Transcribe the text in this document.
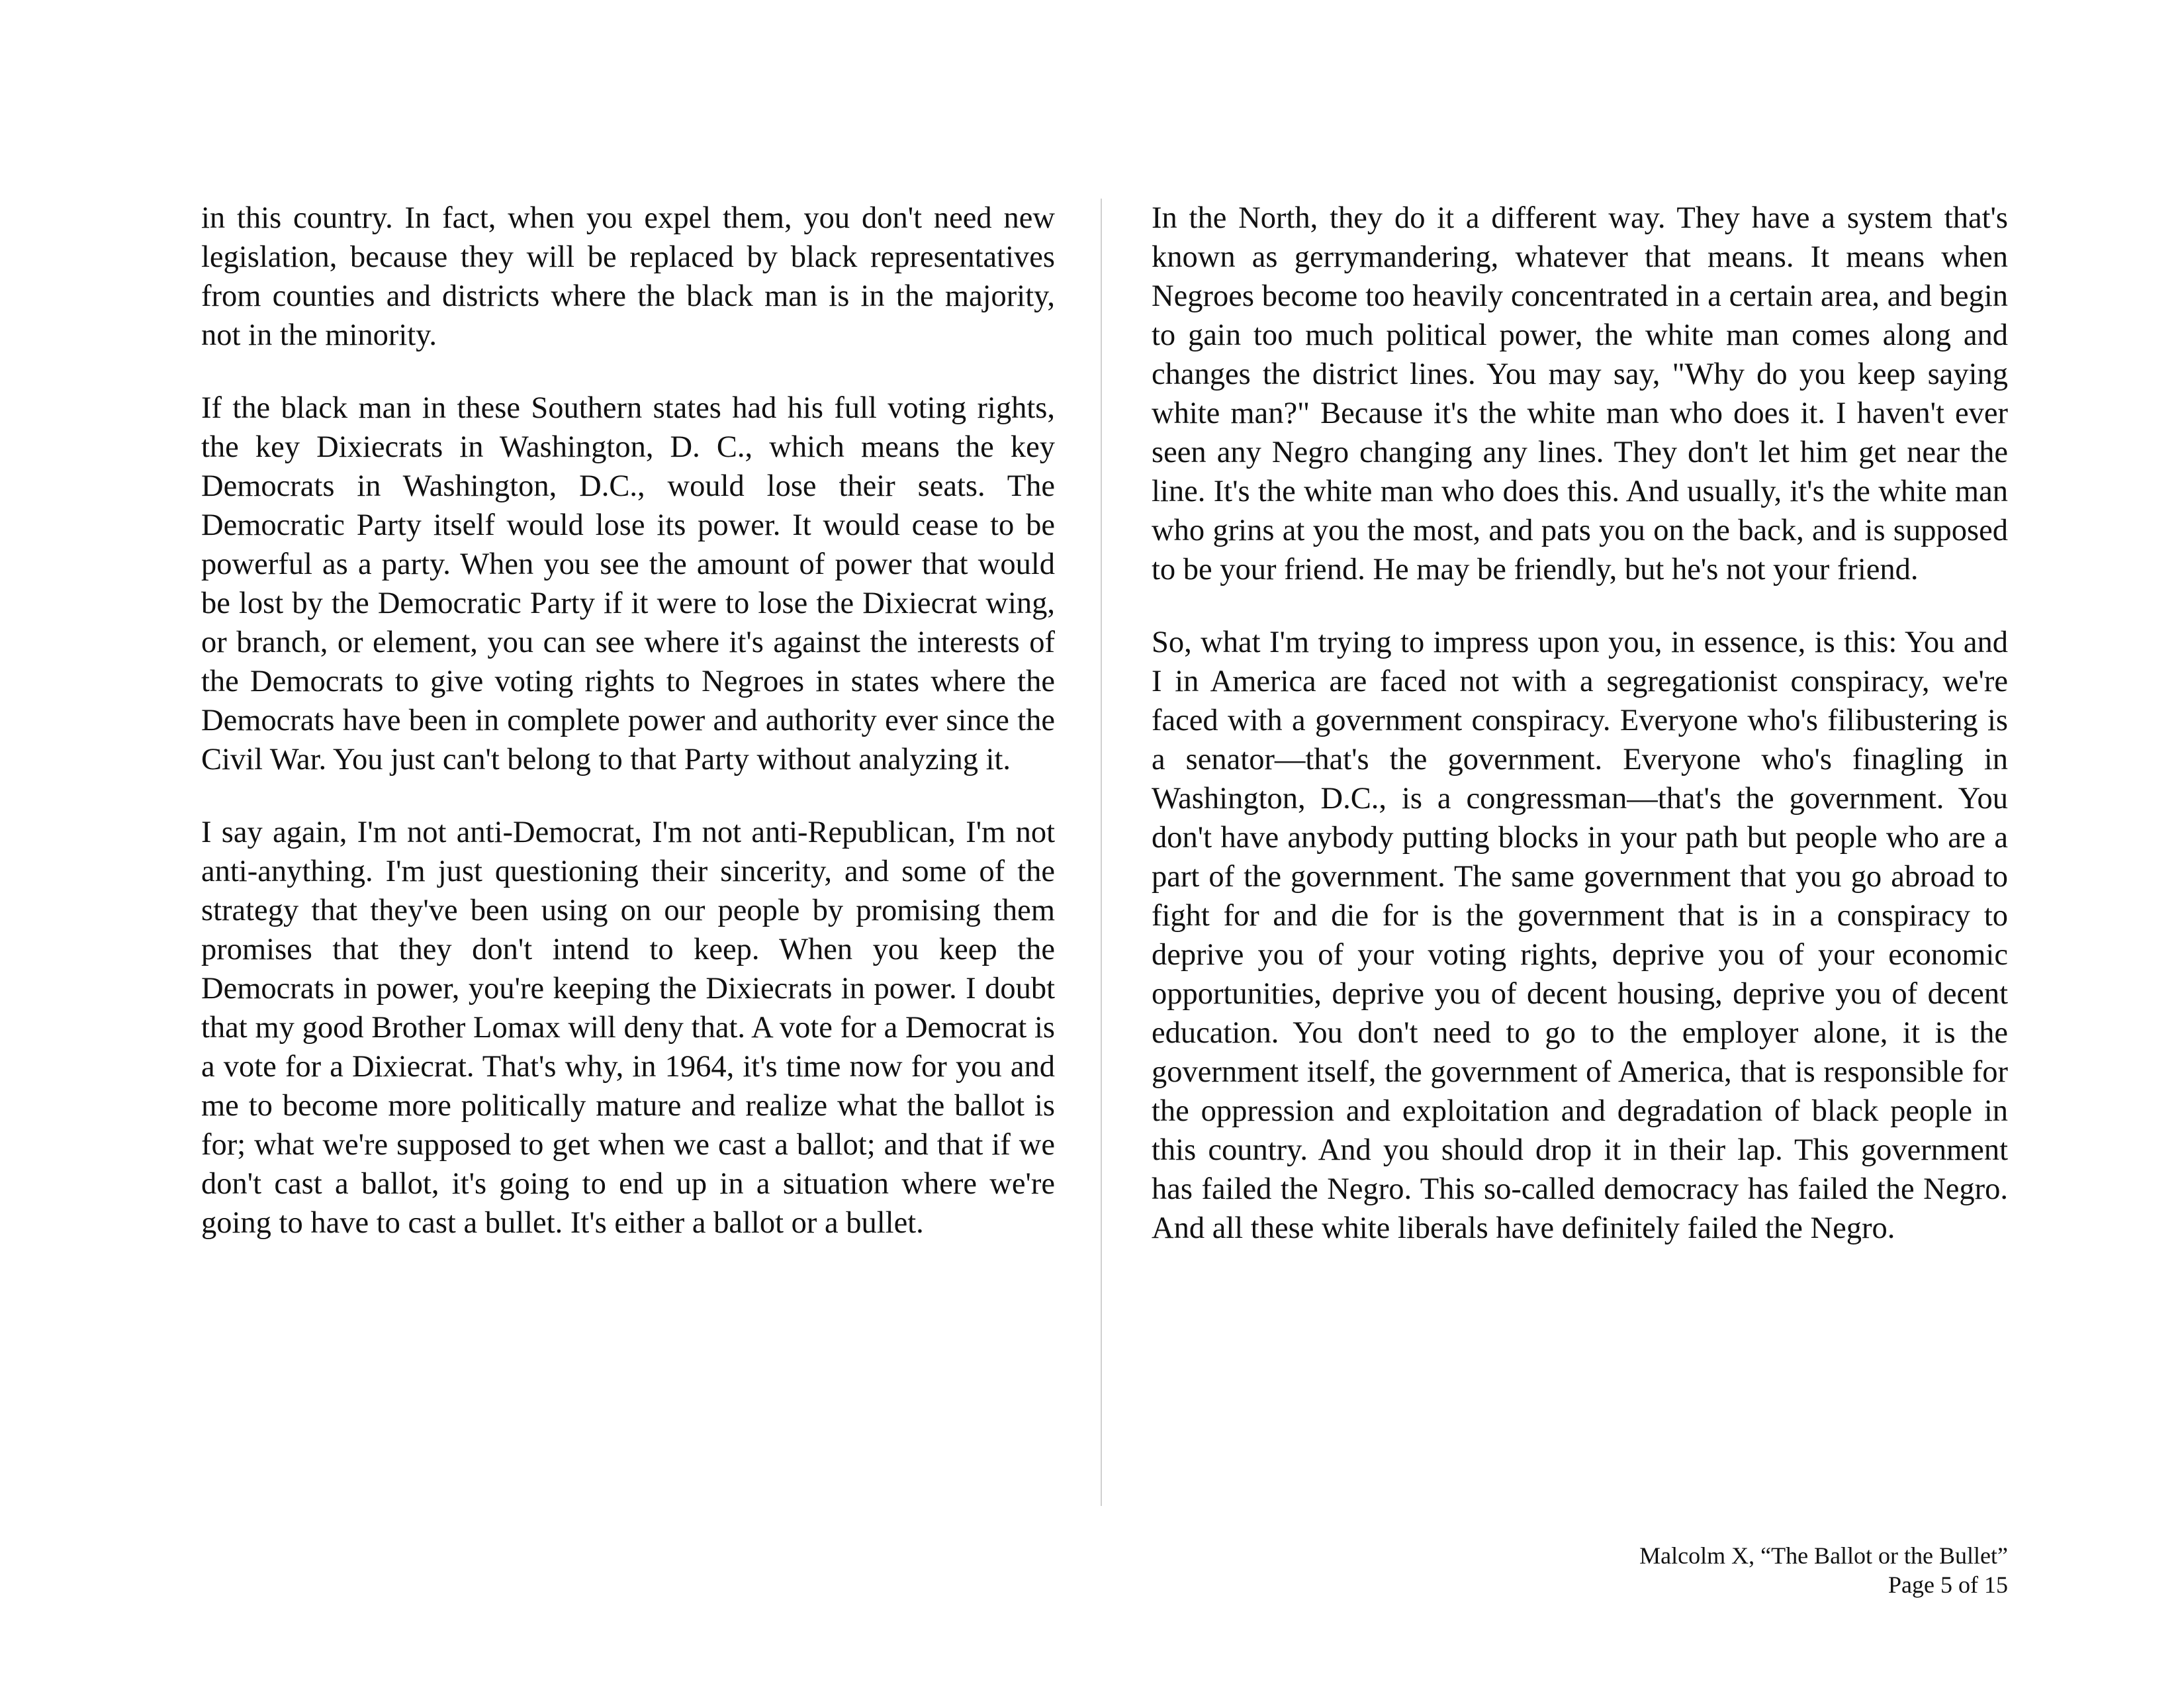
in this country. In fact, when you expel them, you don't need new legislation, because they will be replaced by black representatives from counties and districts where the black man is in the majority, not in the minority.

If the black man in these Southern states had his full voting rights, the key Dixiecrats in Washington, D. C., which means the key Democrats in Washington, D.C., would lose their seats. The Democratic Party itself would lose its power. It would cease to be powerful as a party. When you see the amount of power that would be lost by the Democratic Party if it were to lose the Dixiecrat wing, or branch, or element, you can see where it's against the interests of the Democrats to give voting rights to Negroes in states where the Democrats have been in complete power and authority ever since the Civil War. You just can't belong to that Party without analyzing it.

I say again, I'm not anti-Democrat, I'm not anti-Republican, I'm not anti-anything. I'm just questioning their sincerity, and some of the strategy that they've been using on our people by promising them promises that they don't intend to keep. When you keep the Democrats in power, you're keeping the Dixiecrats in power. I doubt that my good Brother Lomax will deny that. A vote for a Democrat is a vote for a Dixiecrat. That's why, in 1964, it's time now for you and me to become more politically mature and realize what the ballot is for; what we're supposed to get when we cast a ballot; and that if we don't cast a ballot, it's going to end up in a situation where we're going to have to cast a bullet. It's either a ballot or a bullet.

In the North, they do it a different way. They have a system that's known as gerrymandering, whatever that means. It means when Negroes become too heavily concentrated in a certain area, and begin to gain too much political power, the white man comes along and changes the district lines. You may say, "Why do you keep saying white man?" Because it's the white man who does it. I haven't ever seen any Negro changing any lines. They don't let him get near the line. It's the white man who does this. And usually, it's the white man who grins at you the most, and pats you on the back, and is supposed to be your friend. He may be friendly, but he's not your friend.

So, what I'm trying to impress upon you, in essence, is this: You and I in America are faced not with a segregationist conspiracy, we're faced with a government conspiracy. Everyone who's filibustering is a senator—that's the government. Everyone who's finagling in Washington, D.C., is a congressman—that's the government. You don't have anybody putting blocks in your path but people who are a part of the government. The same government that you go abroad to fight for and die for is the government that is in a conspiracy to deprive you of your voting rights, deprive you of your economic opportunities, deprive you of decent housing, deprive you of decent education. You don't need to go to the employer alone, it is the government itself, the government of America, that is responsible for the oppression and exploitation and degradation of black people in this country. And you should drop it in their lap. This government has failed the Negro. This so-called democracy has failed the Negro. And all these white liberals have definitely failed the Negro.

Malcolm X, “The Ballot or the Bullet”
Page 5 of 15
